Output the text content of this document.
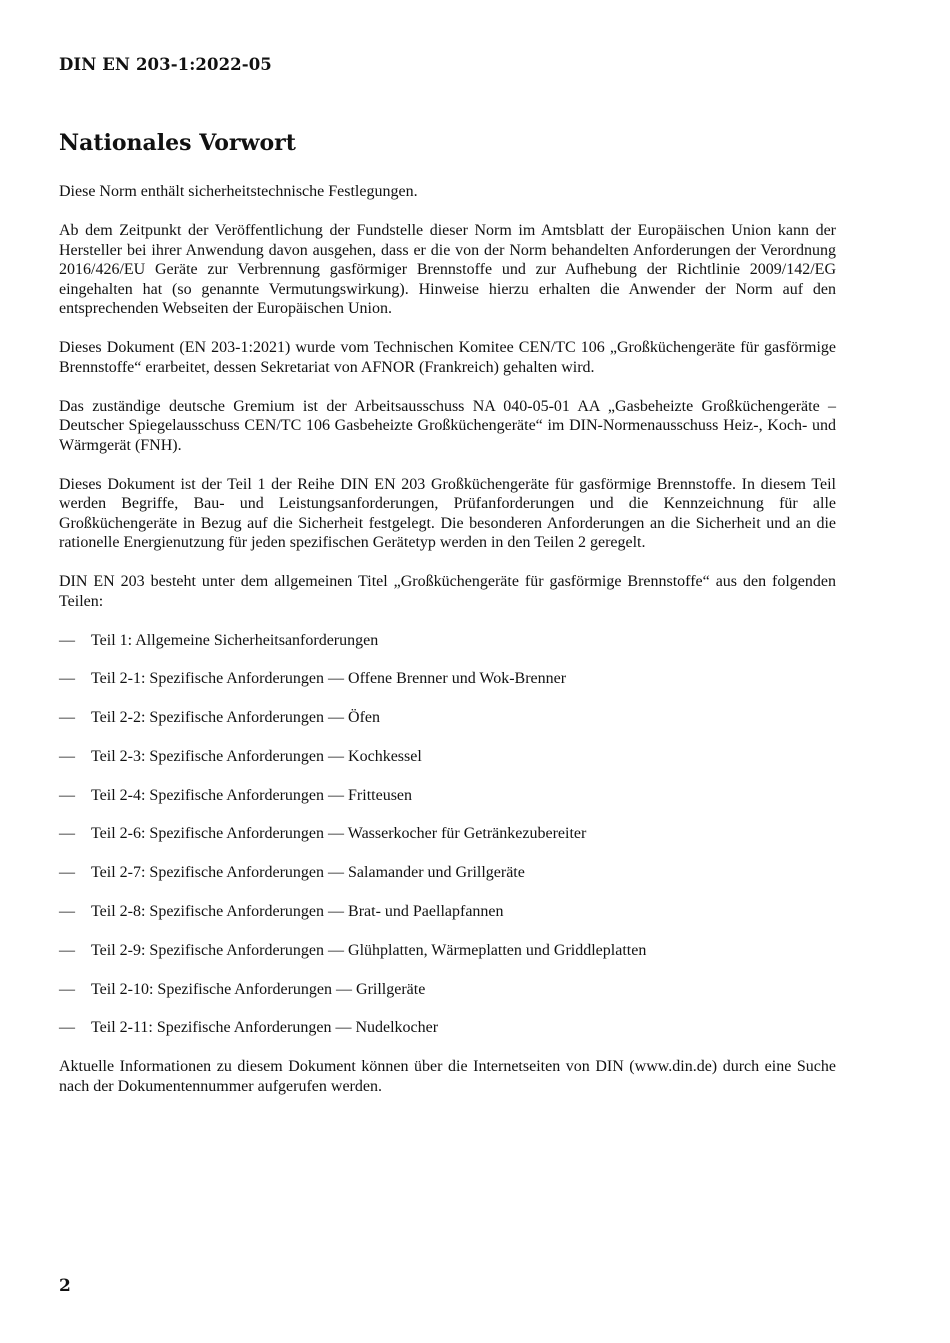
DIN EN 203-1:2022-05
Nationales Vorwort

Diese Norm enthält sicherheitstechnische Festlegungen.

Ab dem Zeitpunkt der Veröffentlichung der Fundstelle dieser Norm im Amtsblatt der Europäischen Union kann der Hersteller bei ihrer Anwendung davon ausgehen, dass er die von der Norm behandelten Anforderungen der Verordnung 2016/426/EU Geräte zur Verbrennung gasförmiger Brennstoffe und zur Aufhebung der Richtlinie 2009/142/EG eingehalten hat (so genannte Vermutungswirkung). Hinweise hierzu erhalten die Anwender der Norm auf den entsprechenden Webseiten der Europäischen Union.

Dieses Dokument (EN 203-1:2021) wurde vom Technischen Komitee CEN/TC 106 „Großküchengeräte für gasförmige Brennstoffe“ erarbeitet, dessen Sekretariat von AFNOR (Frankreich) gehalten wird.

Das zuständige deutsche Gremium ist der Arbeitsausschuss NA 040-05-01 AA „Gasbeheizte Großküchengeräte – Deutscher Spiegelausschuss CEN/TC 106 Gasbeheizte Großküchengeräte“ im DIN-Normenausschuss Heiz-, Koch- und Wärmgerät (FNH).

Dieses Dokument ist der Teil 1 der Reihe DIN EN 203 Großküchengeräte für gasförmige Brennstoffe. In diesem Teil werden Begriffe, Bau- und Leistungsanforderungen, Prüfanforderungen und die Kennzeichnung für alle Großküchengeräte in Bezug auf die Sicherheit festgelegt. Die besonderen Anforderungen an die Sicherheit und an die rationelle Energienutzung für jeden spezifischen Gerätetyp werden in den Teilen 2 geregelt.

DIN EN 203 besteht unter dem allgemeinen Titel „Großküchengeräte für gasförmige Brennstoffe“ aus den folgenden Teilen:

— Teil 1: Allgemeine Sicherheitsanforderungen
— Teil 2-1: Spezifische Anforderungen — Offene Brenner und Wok-Brenner
— Teil 2-2: Spezifische Anforderungen — Öfen
— Teil 2-3: Spezifische Anforderungen — Kochkessel
— Teil 2-4: Spezifische Anforderungen — Fritteusen
— Teil 2-6: Spezifische Anforderungen — Wasserkocher für Getränkezubereiter
— Teil 2-7: Spezifische Anforderungen — Salamander und Grillgeräte
— Teil 2-8: Spezifische Anforderungen — Brat- und Paellapfannen
— Teil 2-9: Spezifische Anforderungen — Glühplatten, Wärmeplatten und Griddleplatten
— Teil 2-10: Spezifische Anforderungen — Grillgeräte
— Teil 2-11: Spezifische Anforderungen — Nudelkocher

Aktuelle Informationen zu diesem Dokument können über die Internetseiten von DIN (www.din.de) durch eine Suche nach der Dokumentennummer aufgerufen werden.

2
